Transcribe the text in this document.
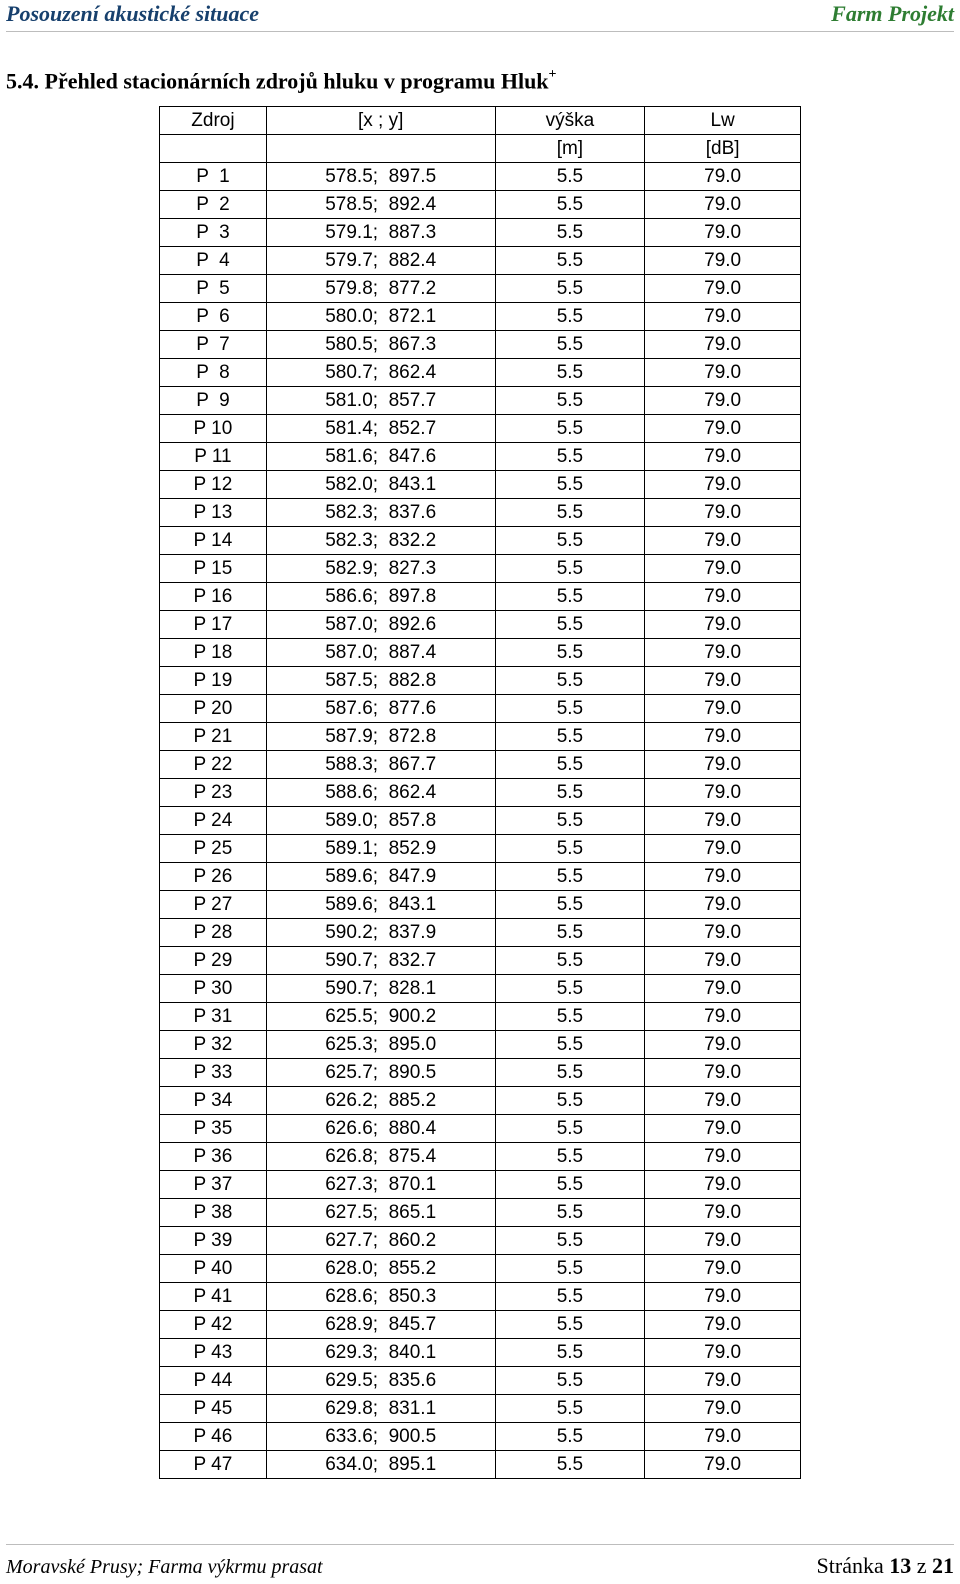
Posouzení akustické situace	Farm Projekt
5.4. Přehled stacionárních zdrojů hluku v programu Hluk+
Zdroj	[x ; y]	výška	Lw
		[m]	[dB]
P  1	578.5;  897.5	5.5	79.0
P  2	578.5;  892.4	5.5	79.0
P  3	579.1;  887.3	5.5	79.0
P  4	579.7;  882.4	5.5	79.0
P  5	579.8;  877.2	5.5	79.0
P  6	580.0;  872.1	5.5	79.0
P  7	580.5;  867.3	5.5	79.0
P  8	580.7;  862.4	5.5	79.0
P  9	581.0;  857.7	5.5	79.0
P 10	581.4;  852.7	5.5	79.0
P 11	581.6;  847.6	5.5	79.0
P 12	582.0;  843.1	5.5	79.0
P 13	582.3;  837.6	5.5	79.0
P 14	582.3;  832.2	5.5	79.0
P 15	582.9;  827.3	5.5	79.0
P 16	586.6;  897.8	5.5	79.0
P 17	587.0;  892.6	5.5	79.0
P 18	587.0;  887.4	5.5	79.0
P 19	587.5;  882.8	5.5	79.0
P 20	587.6;  877.6	5.5	79.0
P 21	587.9;  872.8	5.5	79.0
P 22	588.3;  867.7	5.5	79.0
P 23	588.6;  862.4	5.5	79.0
P 24	589.0;  857.8	5.5	79.0
P 25	589.1;  852.9	5.5	79.0
P 26	589.6;  847.9	5.5	79.0
P 27	589.6;  843.1	5.5	79.0
P 28	590.2;  837.9	5.5	79.0
P 29	590.7;  832.7	5.5	79.0
P 30	590.7;  828.1	5.5	79.0
P 31	625.5;  900.2	5.5	79.0
P 32	625.3;  895.0	5.5	79.0
P 33	625.7;  890.5	5.5	79.0
P 34	626.2;  885.2	5.5	79.0
P 35	626.6;  880.4	5.5	79.0
P 36	626.8;  875.4	5.5	79.0
P 37	627.3;  870.1	5.5	79.0
P 38	627.5;  865.1	5.5	79.0
P 39	627.7;  860.2	5.5	79.0
P 40	628.0;  855.2	5.5	79.0
P 41	628.6;  850.3	5.5	79.0
P 42	628.9;  845.7	5.5	79.0
P 43	629.3;  840.1	5.5	79.0
P 44	629.5;  835.6	5.5	79.0
P 45	629.8;  831.1	5.5	79.0
P 46	633.6;  900.5	5.5	79.0
P 47	634.0;  895.1	5.5	79.0
Moravské Prusy; Farma výkrmu prasat	Stránka 13 z 21
